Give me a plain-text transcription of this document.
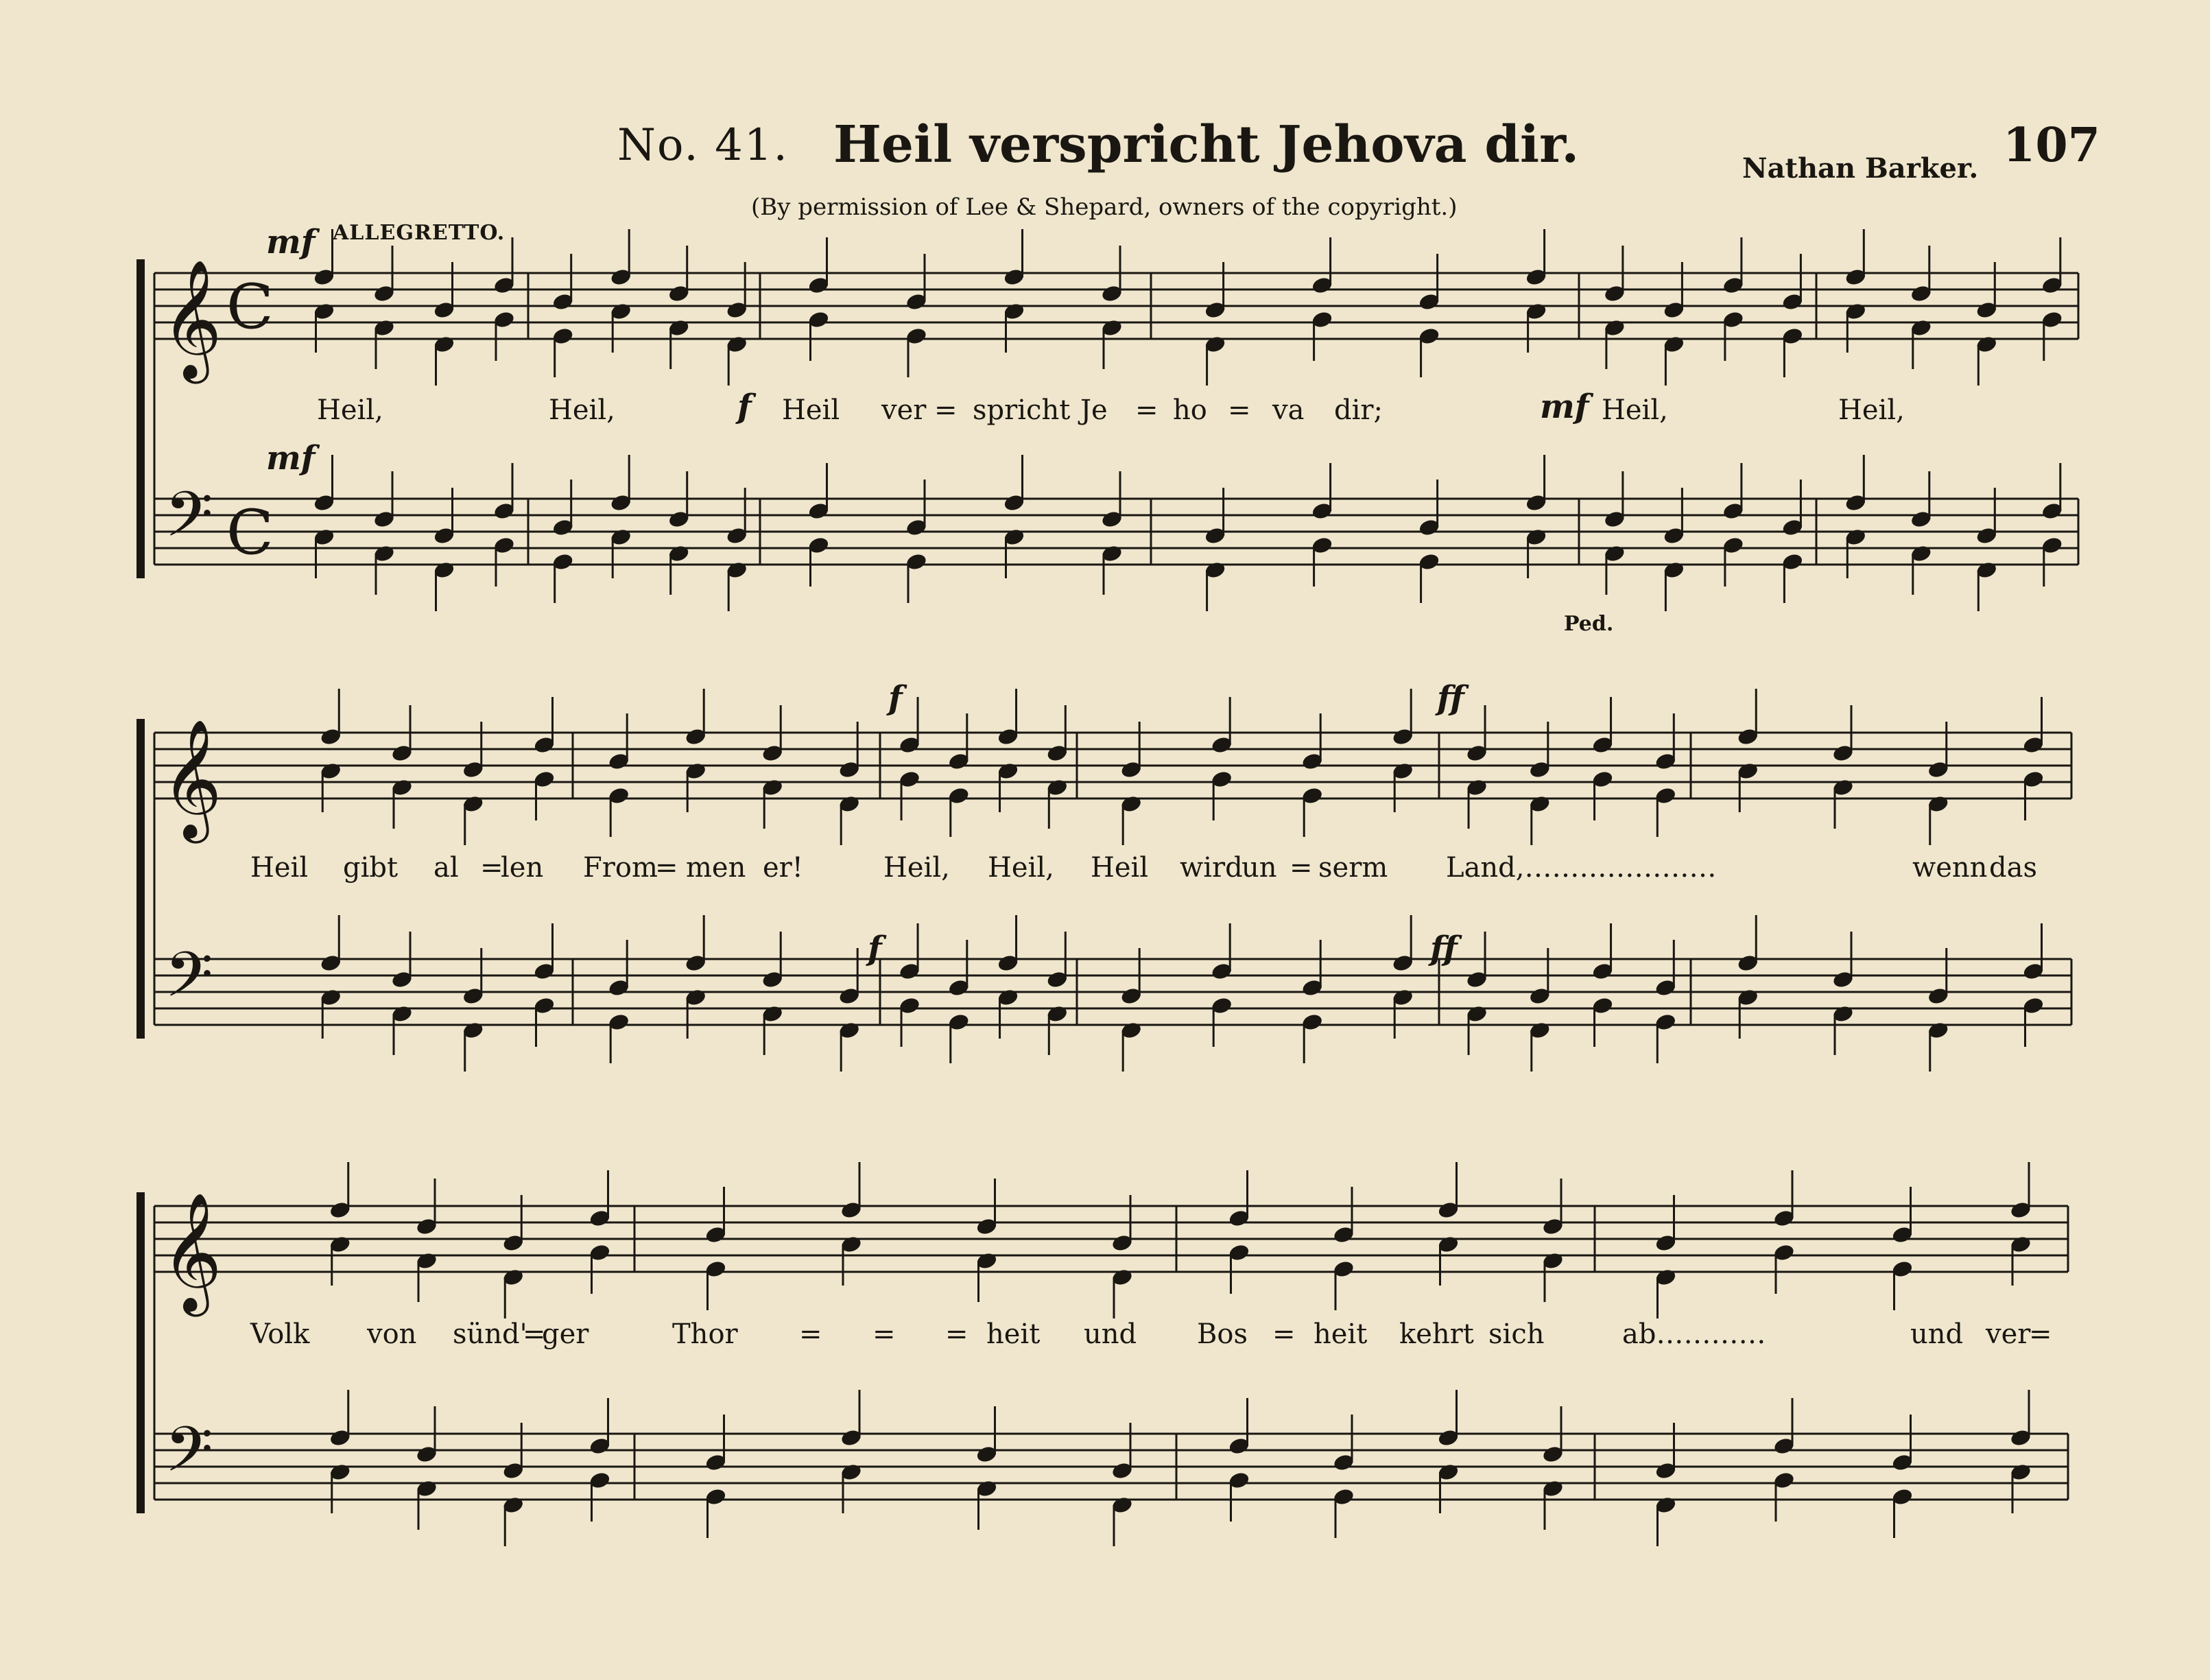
No. 41. Heil verspricht Jehova dir.
(By permission of Lee & Shepard, owners of the copyright.)
Nathan Barker. 107
ALLEGRETTO.
mf
mf
f	mf
f	ff
f	ff
Ped.
Heil,	Heil,	Heil ver = spricht Je = ho = va dir;	Heil,	Heil,
Heil gibt al =
len From
= men er!	Heil, Heil, Heil wird
un = serm Land,…………………	wenn das
Volk von sünd'
=
ger	Thor = = = heit und Bos = heit kehrt sich	ab…………	und ver
=
𝄞
𝄢
C
C
𝄞
𝄢
𝄞
𝄢
